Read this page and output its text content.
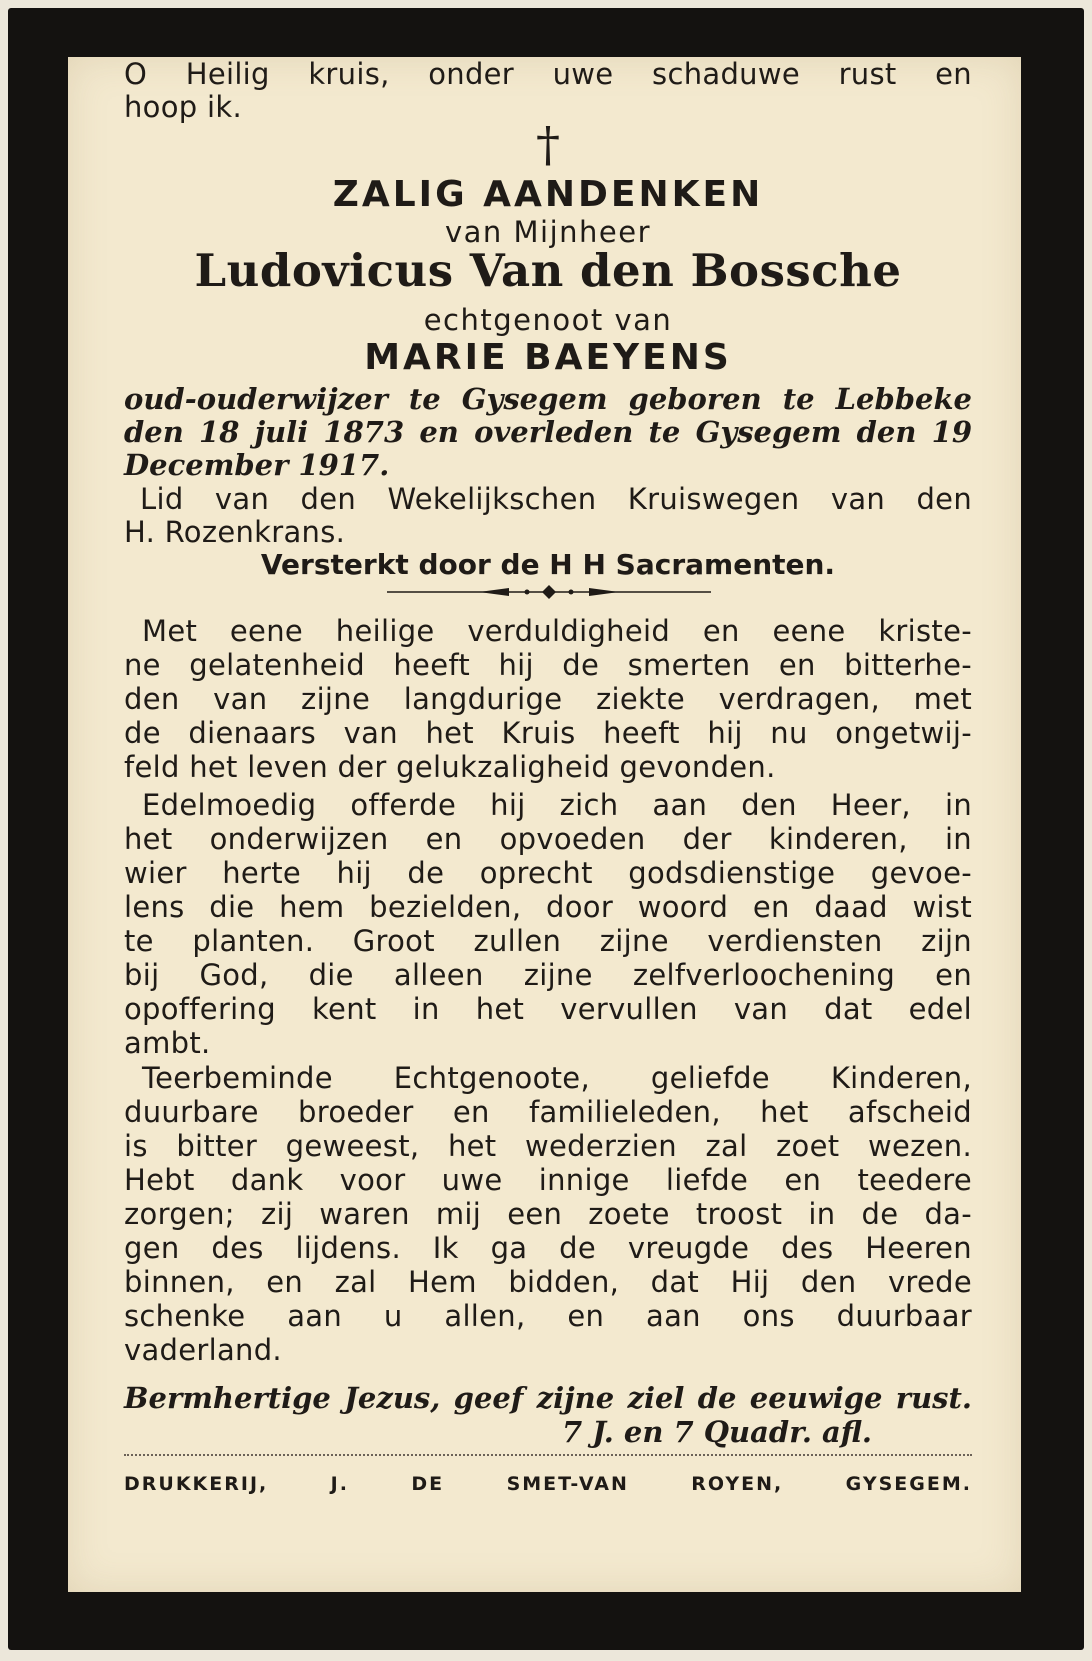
O Heilig kruis, onder uwe schaduwe rust en
hoop ik.
†
ZALIG AANDENKEN
van Mijnheer
Ludovicus Van den Bossche
echtgenoot van
MARIE BAEYENS
oud-ouderwijzer te Gysegem geboren te Lebbeke
den 18 juli 1873 en overleden te Gysegem den 19
December 1917.
Lid van den Wekelijkschen Kruiswegen van den
H. Rozenkrans.
Versterkt door de H H Sacramenten.
Met eene heilige verduldigheid en eene kriste-
ne gelatenheid heeft hij de smerten en bitterhe-
den van zijne langdurige ziekte verdragen, met
de dienaars van het Kruis heeft hij nu ongetwij-
feld het leven der gelukzaligheid gevonden.
Edelmoedig offerde hij zich aan den Heer, in
het onderwijzen en opvoeden der kinderen, in
wier herte hij de oprecht godsdienstige gevoe-
lens die hem bezielden, door woord en daad wist
te planten. Groot zullen zijne verdiensten zijn
bij God, die alleen zijne zelfverloochening en
opoffering kent in het vervullen van dat edel
ambt.
Teerbeminde Echtgenoote, geliefde Kinderen,
duurbare broeder en familieleden, het afscheid
is bitter geweest, het wederzien zal zoet wezen.
Hebt dank voor uwe innige liefde en teedere
zorgen; zij waren mij een zoete troost in de da-
gen des lijdens. Ik ga de vreugde des Heeren
binnen, en zal Hem bidden, dat Hij den vrede
schenke aan u allen, en aan ons duurbaar
vaderland.
Bermhertige Jezus, geef zijne ziel de eeuwige rust.
7 J. en 7 Quadr. afl.
DRUKKERIJ, J. DE SMET-VAN ROYEN, GYSEGEM.
